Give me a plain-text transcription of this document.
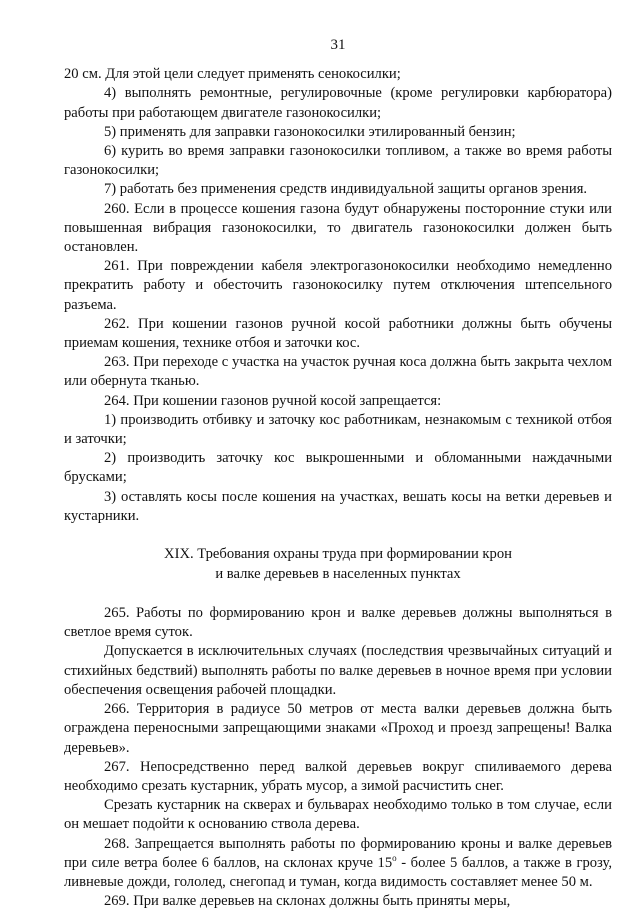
31

20 см. Для этой цели следует применять сенокосилки;

4) выполнять ремонтные, регулировочные (кроме регулировки карбюратора) работы при работающем двигателе газонокосилки;

5) применять для заправки газонокосилки этилированный бензин;

6) курить во время заправки газонокосилки топливом, а также во время работы газонокосилки;

7) работать без применения средств индивидуальной защиты органов зрения.

260. Если в процессе кошения газона будут обнаружены посторонние стуки или повышенная вибрация газонокосилки, то двигатель газонокосилки должен быть остановлен.

261. При повреждении кабеля электрогазонокосилки необходимо немедленно прекратить работу и обесточить газонокосилку путем отключения штепсельного разъема.

262. При кошении газонов ручной косой работники должны быть обучены приемам кошения, технике отбоя и заточки кос.

263. При переходе с участка на участок ручная коса должна быть закрыта чехлом или обернута тканью.

264. При кошении газонов ручной косой запрещается:

1) производить отбивку и заточку кос работникам, незнакомым с техникой отбоя и заточки;

2) производить заточку кос выкрошенными и обломанными наждачными брусками;

3) оставлять косы после кошения на участках, вешать косы на ветки деревьев и кустарники.

XIX. Требования охраны труда при формировании крон
и валке деревьев в населенных пунктах

265. Работы по формированию крон и валке деревьев должны выполняться в светлое время суток.

Допускается в исключительных случаях (последствия чрезвычайных ситуаций и стихийных бедствий) выполнять работы по валке деревьев в ночное время при условии обеспечения освещения рабочей площадки.

266. Территория в радиусе 50 метров от места валки деревьев должна быть ограждена переносными запрещающими знаками «Проход и проезд запрещены! Валка деревьев».

267. Непосредственно перед валкой деревьев вокруг спиливаемого дерева необходимо срезать кустарник, убрать мусор, а зимой расчистить снег.

Срезать кустарник на скверах и бульварах необходимо только в том случае, если он мешает подойти к основанию ствола дерева.

268. Запрещается выполнять работы по формированию кроны и валке деревьев при силе ветра более 6 баллов, на склонах круче 15$^o$ - более 5 баллов, а также в грозу, ливневые дожди, гололед, снегопад и туман, когда видимость составляет менее 50 м.

269. При валке деревьев на склонах должны быть приняты меры,
